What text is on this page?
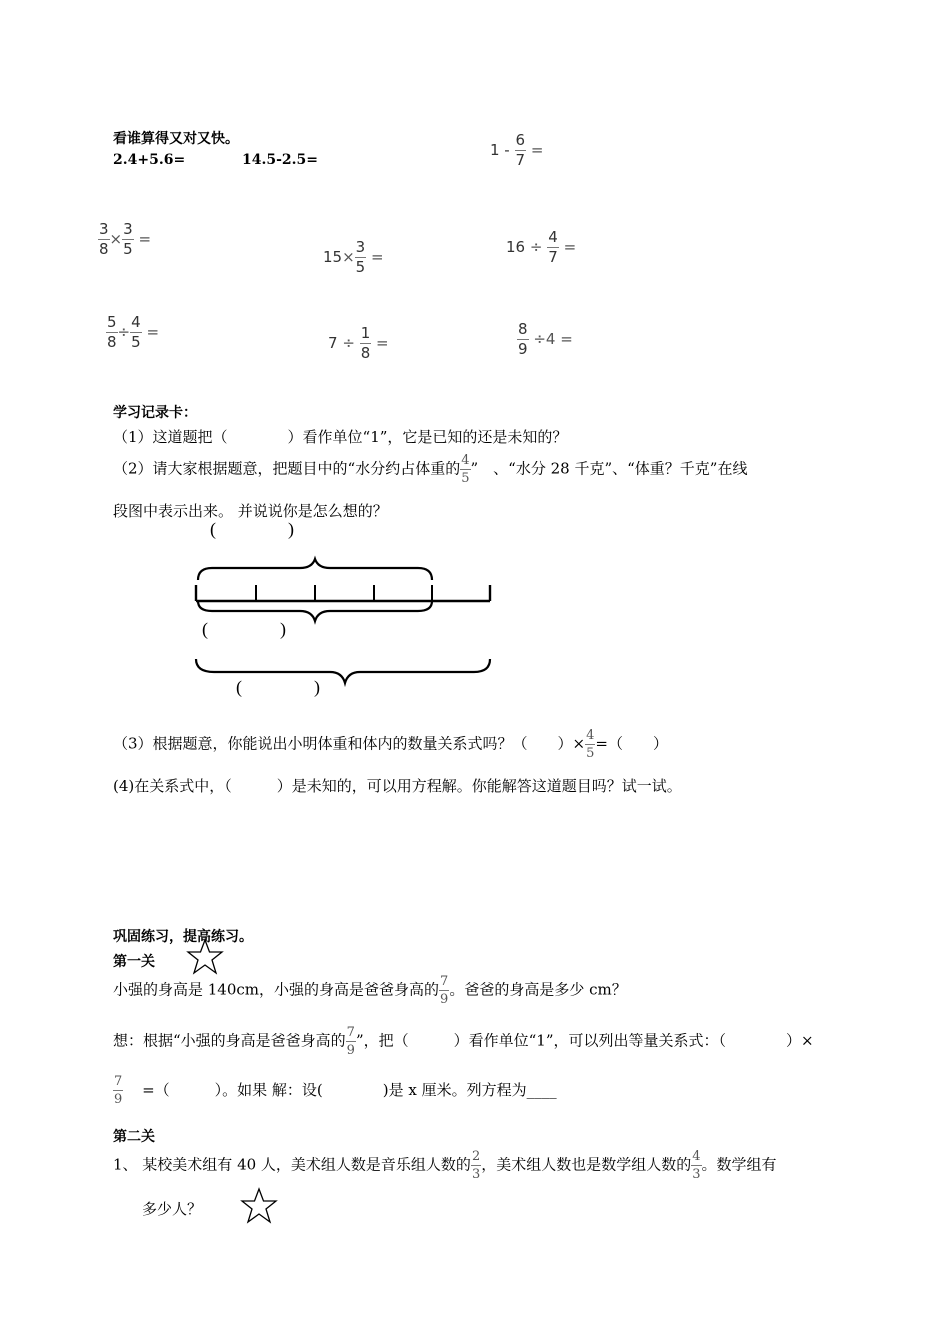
看谁算得又对又快。
2.4+5.6=	14.5-2.5=
$1 - \frac{6}{7}$ =
$\frac{3}{8} \times \frac{3}{5}$ =
$15\times \frac{3}{5}$ =
$16 \div \frac{4}{7}$ =
$\frac{5}{8} \div \frac{4}{5}$ =
$7 \div \frac{1}{8}$ =	$\frac{8}{9} \div 4$ =
学习记录卡：
（1）这道题把（　　　　）看作单位“1”，它是已知的还是未知的？
（2）请大家根据题意，把题目中的“水分约占体重的 $\frac{4}{5}$ ”　、“水分 28 千克”、“体重？千克”在线
段图中表示出来。 并说说你是怎么想的？
(　　　　)
(　　　　)
(　　　　)
（3）根据题意，你能说出小明体重和体内的数量关系式吗？（　　）× $\frac{4}{5}$ =（　　）
(4)在关系式中，（　　　）是未知的，可以用方程解。你能解答这道题目吗？试一试。
巩固练习，提高练习。
第一关
小强的身高是 140cm，小强的身高是爸爸身高的 $\frac{7}{9}$ 。爸爸的身高是多少 cm？
想：根据“小强的身高是爸爸身高的 $\frac{7}{9}$ ”，把（　　　）看作单位“1”，可以列出等量关系式：（　　　　）×
$\frac{7}{9}$ =（　　　）。如果 解：设(　　　　)是 x 厘米。列方程为____
第二关
1、 某校美术组有 40 人，美术组人数是音乐组人数的 $\frac{2}{3}$ ，美术组人数也是数学组人数的 $\frac{4}{3}$ 。数学组有
多少人？
